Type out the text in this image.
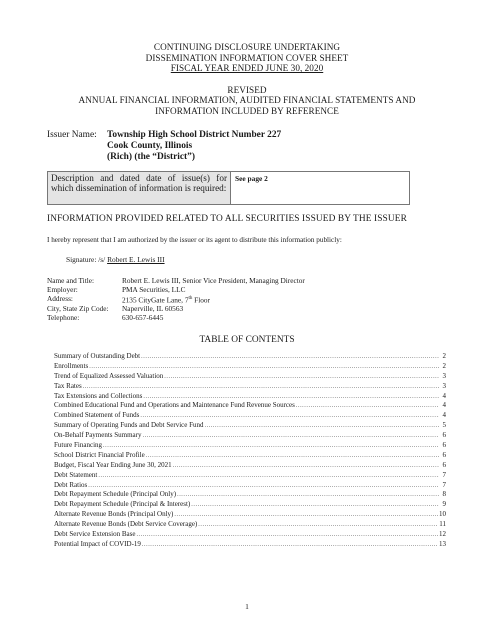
CONTINUING DISCLOSURE UNDERTAKING
DISSEMINATION INFORMATION COVER SHEET
FISCAL YEAR ENDED JUNE 30, 2020
REVISED
ANNUAL FINANCIAL INFORMATION, AUDITED FINANCIAL STATEMENTS AND
INFORMATION INCLUDED BY REFERENCE
Issuer Name:	Township High School District Number 227
Cook County, Illinois
(Rich) (the “District”)
Description and dated date of issue(s) for which dissemination of information is required:
See page 2
INFORMATION PROVIDED RELATED TO ALL SECURITIES ISSUED BY THE ISSUER
I hereby represent that I am authorized by the issuer or its agent to distribute this information publicly:
Signature: /s/ Robert E. Lewis III
Name and Title:	Robert E. Lewis III, Senior Vice President, Managing Director
Employer:	PMA Securities, LLC
Address:	2135 CityGate Lane, 7th Floor
City, State Zip Code: Naperville, IL 60563
Telephone:	630-657-6445
TABLE OF CONTENTS
Summary of Outstanding Debt .....	2
Enrollments .....	2
Trend of Equalized Assessed Valuation .....	3
Tax Rates .....	3
Tax Extensions and Collections .....	4
Combined Educational Fund and Operations and Maintenance Fund Revenue Sources .....	4
Combined Statement of Funds .....	4
Summary of Operating Funds and Debt Service Fund .....	5
On-Behalf Payments Summary .....	6
Future Financing .....	6
School District Financial Profile .....	6
Budget, Fiscal Year Ending June 30, 2021 .....	6
Debt Statement .....	7
Debt Ratios .....	7
Debt Repayment Schedule (Principal Only) .....	8
Debt Repayment Schedule (Principal & Interest) .....	9
Alternate Revenue Bonds (Principal Only) .....	10
Alternate Revenue Bonds (Debt Service Coverage) .....	11
Debt Service Extension Base .....	12
Potential Impact of COVID-19 .....	13
1
